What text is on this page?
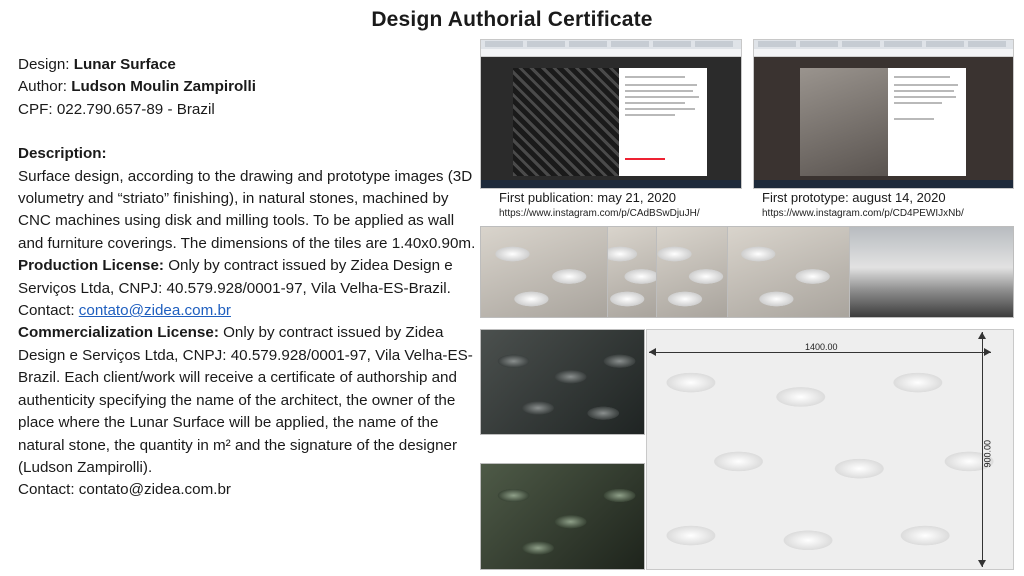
Design Authorial Certificate

Design: Lunar Surface

Author: Ludson Moulin Zampirolli

CPF: 022.790.657-89 - Brazil

Description:

Surface design, according to the drawing and prototype images (3D volumetry and “striato” finishing), in natural stones, machined by CNC machines using disk and milling tools. To be applied as wall and furniture coverings. The dimensions of the tiles are 1.40x0.90m.

Production License: Only by contract issued by Zidea Design e Serviços Ltda, CNPJ: 40.579.928/0001-97, Vila Velha-ES-Brazil. Contact: contato@zidea.com.br

Commercialization License: Only by contract issued by Zidea Design e Serviços Ltda, CNPJ: 40.579.928/0001-97, Vila Velha-ES-Brazil. Each client/work will receive a certificate of authorship and authenticity specifying the name of the architect, the owner of the place where the Lunar Surface will be applied, the name of the natural stone, the quantity in m² and the signature of the designer (Ludson Zampirolli).

Contact: contato@zidea.com.br

First publication: may 21, 2020
https://www.instagram.com/p/CAdBSwDjuJH/
First prototype: august 14, 2020
https://www.instagram.com/p/CD4PEWIJxNb/
1400.00
900.00
